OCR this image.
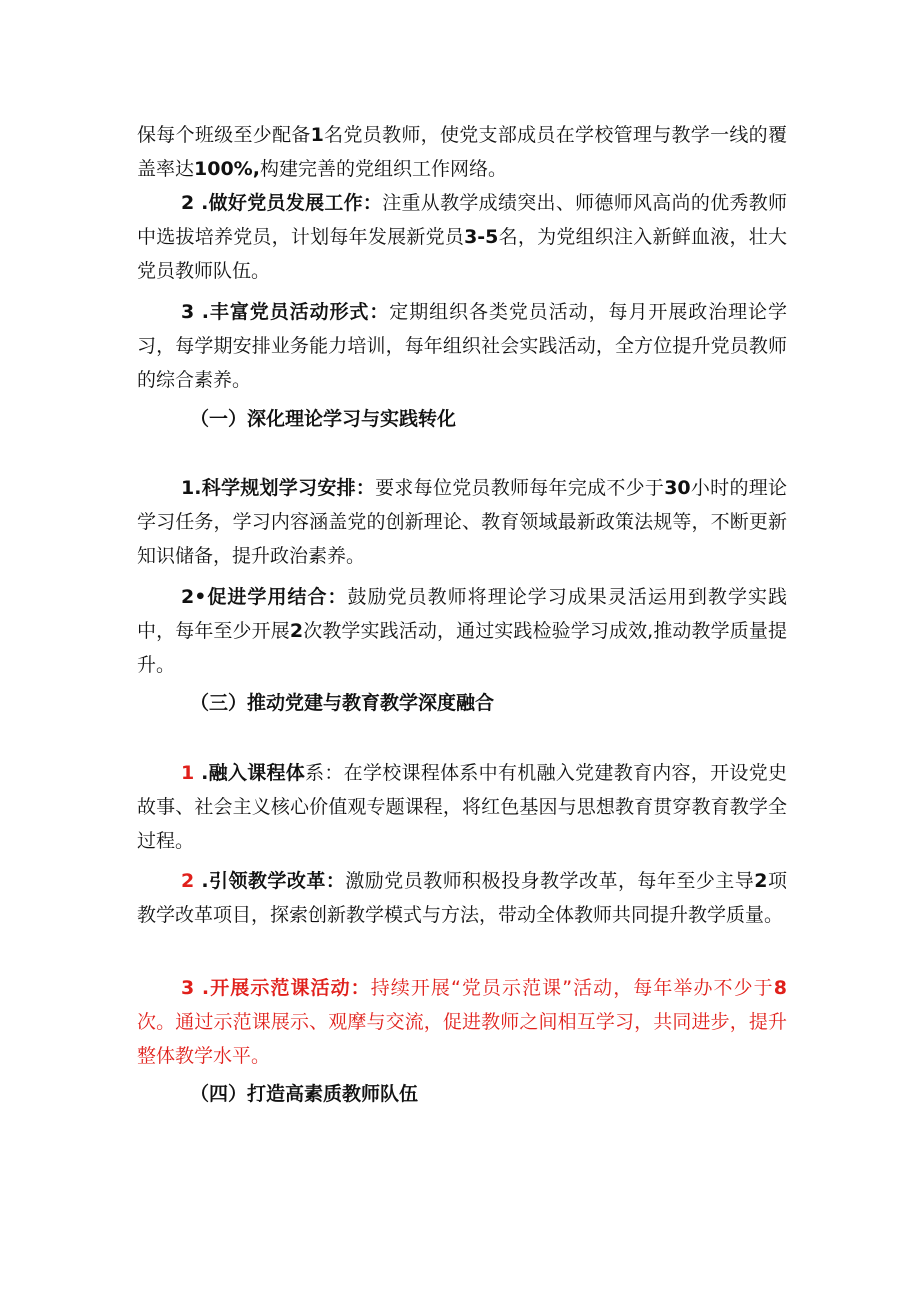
保每个班级至少配备1名党员教师，使党支部成员在学校管理与教学一线的覆盖率达100%,构建完善的党组织工作网络。

2 .做好党员发展工作：注重从教学成绩突出、师德师风高尚的优秀教师中选拔培养党员，计划每年发展新党员3-5名，为党组织注入新鲜血液，壮大党员教师队伍。

3 .丰富党员活动形式：定期组织各类党员活动，每月开展政治理论学习，每学期安排业务能力培训，每年组织社会实践活动，全方位提升党员教师的综合素养。

（一）深化理论学习与实践转化

1.科学规划学习安排：要求每位党员教师每年完成不少于30小时的理论学习任务，学习内容涵盖党的创新理论、教育领域最新政策法规等，不断更新知识储备，提升政治素养。

2•促进学用结合：鼓励党员教师将理论学习成果灵活运用到教学实践中，每年至少开展2次教学实践活动，通过实践检验学习成效,推动教学质量提升。

（三）推动党建与教育教学深度融合

1 .融入课程体系：在学校课程体系中有机融入党建教育内容，开设党史故事、社会主义核心价值观专题课程，将红色基因与思想教育贯穿教育教学全过程。

2 .引领教学改革：激励党员教师积极投身教学改革，每年至少主导2项教学改革项目，探索创新教学模式与方法，带动全体教师共同提升教学质量。

3 .开展示范课活动：持续开展“党员示范课”活动，每年举办不少于8次。通过示范课展示、观摩与交流，促进教师之间相互学习，共同进步，提升整体教学水平。

（四）打造高素质教师队伍
